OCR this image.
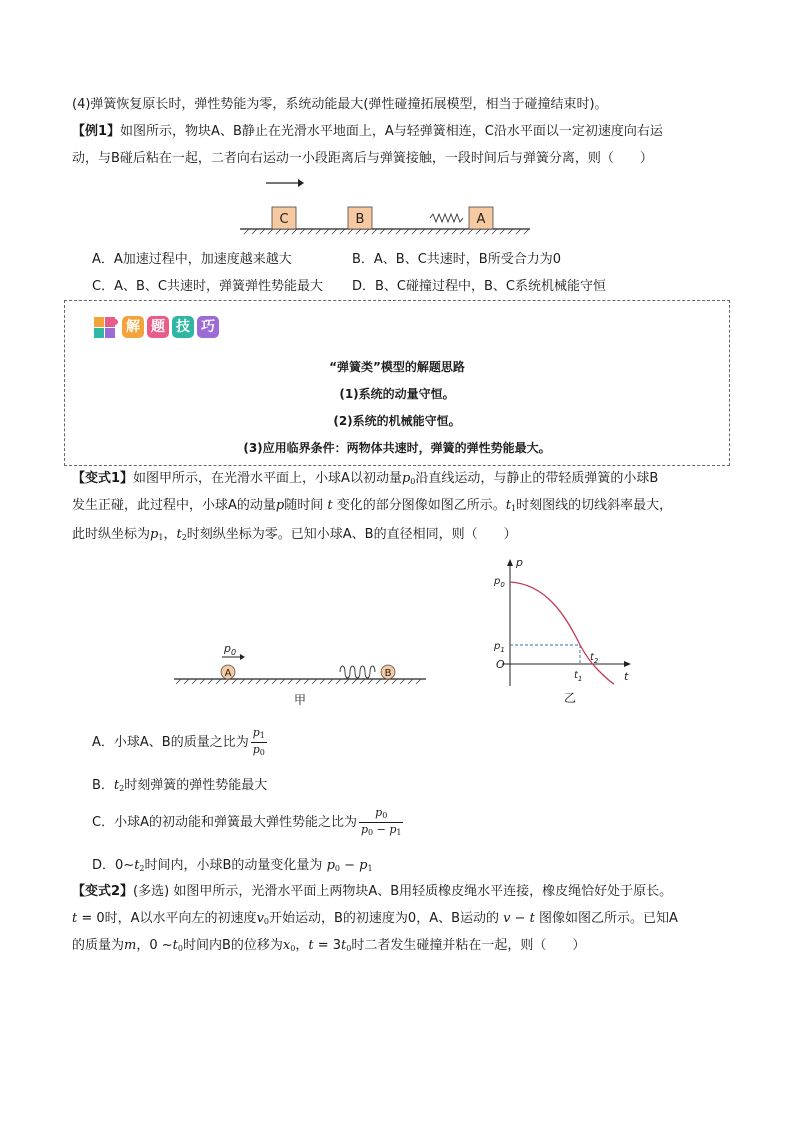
(4)弹簧恢复原长时，弹性势能为零，系统动能最大(弹性碰撞拓展模型，相当于碰撞结束时)。
【例1】如图所示，物块A、B静止在光滑水平地面上，A与轻弹簧相连，C沿水平面以一定初速度向右运
动，与B碰后粘在一起，二者向右运动一小段距离后与弹簧接触，一段时间后与弹簧分离，则（　　）
C	B	A
A．A加速过程中，加速度越来越大	B．A、B、C共速时，B所受合力为0
C．A、B、C共速时，弹簧弹性势能最大 D．B、C碰撞过程中，B、C系统机械能守恒
解 题 技 巧
“弹簧类”模型的解题思路
(1)系统的动量守恒。
(2)系统的机械能守恒。
(3)应用临界条件：两物体共速时，弹簧的弹性势能最大。
【变式1】如图甲所示，在光滑水平面上，小球A以初动量$p_0$沿直线运动，与静止的带轻质弹簧的小球B
发生正碰，此过程中，小球A的动量p随时间 t 变化的部分图像如图乙所示。$t_1$时刻图线的切线斜率最大，
此时纵坐标为$p_1$，$t_2$时刻纵坐标为零。已知小球A、B的直径相同，则（　　）
$p_0$
A	B
甲
p
t
$p_0$
$p_1$
O
$t_1$
$t_2$
乙
A．小球A、B的质量之比为 $\frac{p_1}{p_0}$
B．$t_2$时刻弹簧的弹性势能最大
C．小球A的初动能和弹簧最大弹性势能之比为 $\frac{p_0}{p_0 - p_1}$
D．$0\sim t_2$时间内，小球B的动量变化量为 $p_0 - p_1$
【变式2】(多选) 如图甲所示，光滑水平面上两物块A、B用轻质橡皮绳水平连接，橡皮绳恰好处于原长。
t = 0时，A以水平向左的初速度$v_0$开始运动，B的初速度为0，A、B运动的 v − t 图像如图乙所示。已知A
的质量为m，0 $\sim t_0$时间内B的位移为$x_0$，$t = 3t_0$时二者发生碰撞并粘在一起，则（　　）
